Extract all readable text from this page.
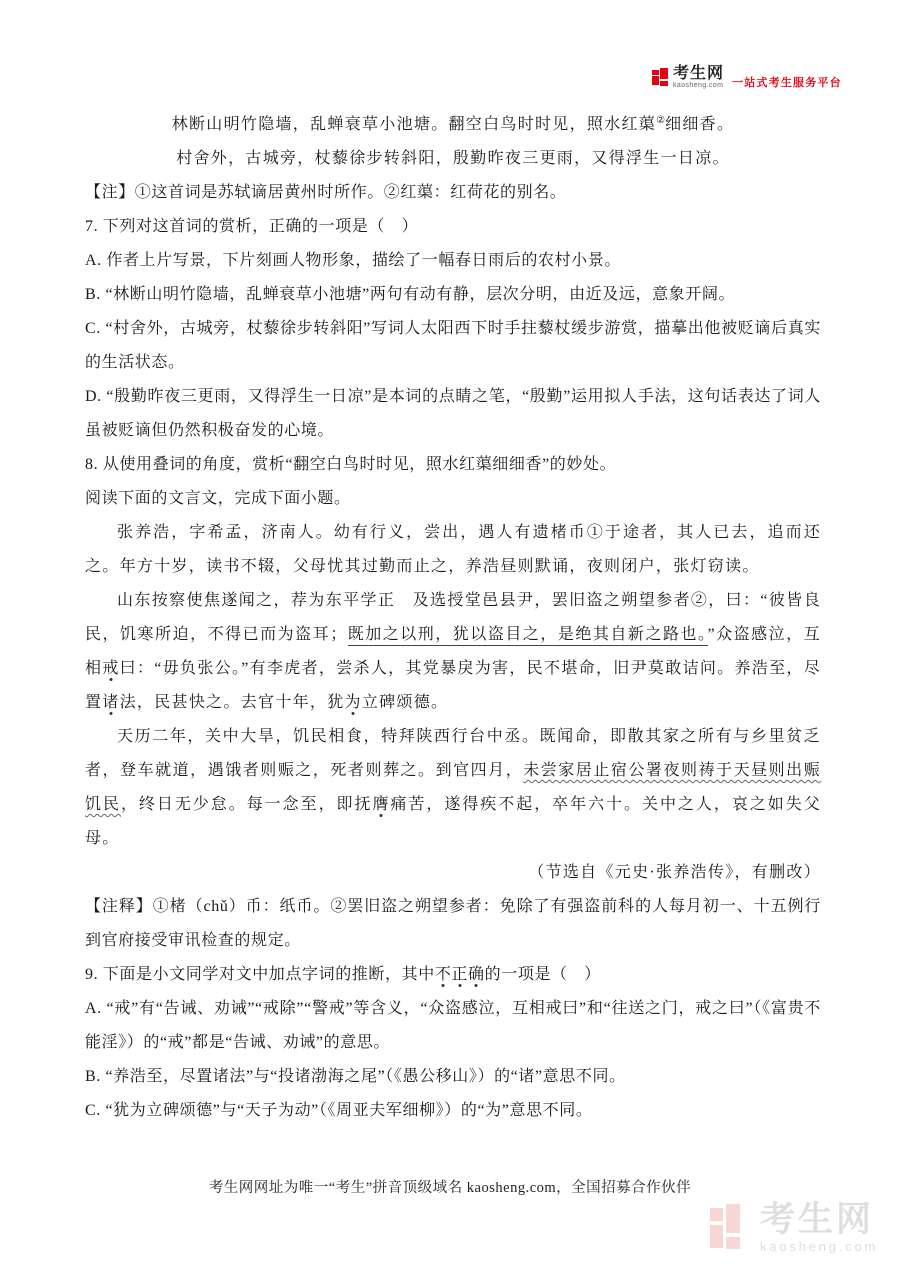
考生网
kaosheng.com 一站式考生服务平台

林断山明竹隐墙，乱蝉衰草小池塘。翻空白鸟时时见，照水红蕖②细细香。

村舍外，古城旁，杖藜徐步转斜阳，殷勤昨夜三更雨，又得浮生一日凉。

【注】①这首词是苏轼谪居黄州时所作。②红蕖：红荷花的别名。

7. 下列对这首词的赏析，正确的一项是（　）

A. 作者上片写景，下片刻画人物形象，描绘了一幅春日雨后的农村小景。

B. “林断山明竹隐墙，乱蝉衰草小池塘”两句有动有静，层次分明，由近及远，意象开阔。

C. “村舍外，古城旁，杖藜徐步转斜阳”写词人太阳西下时手拄藜杖缓步游赏，描摹出他被贬谪后真实的生活状态。

D. “殷勤昨夜三更雨，又得浮生一日凉”是本词的点睛之笔，“殷勤”运用拟人手法，这句话表达了词人虽被贬谪但仍然积极奋发的心境。

8. 从使用叠词的角度，赏析“翻空白鸟时时见，照水红蕖细细香”的妙处。

阅读下面的文言文，完成下面小题。

张养浩，字希孟，济南人。幼有行义，尝出，遇人有遗楮币①于途者，其人已去，追而还之。年方十岁，读书不辍，父母忧其过勤而止之，养浩昼则默诵，夜则闭户，张灯窃读。

山东按察使焦遂闻之，荐为东平学正　及选授堂邑县尹，罢旧盗之朔望参者②，曰：“彼皆良民，饥寒所迫，不得已而为盗耳；既加之以刑，犹以盗目之，是绝其自新之路也。”众盗感泣，互相戒曰：“毋负张公。”有李虎者，尝杀人，其党暴戾为害，民不堪命，旧尹莫敢诘问。养浩至，尽置诸法，民甚快之。去官十年，犹为立碑颂德。

天历二年，关中大旱，饥民相食，特拜陕西行台中丞。既闻命，即散其家之所有与乡里贫乏者，登车就道，遇饿者则赈之，死者则葬之。到官四月，未尝家居止宿公署夜则祷于天昼则出赈饥民，终日无少怠。每一念至，即抚膺痛苦，遂得疾不起，卒年六十。关中之人，哀之如失父母。

（节选自《元史·张养浩传》，有删改）

【注释】①楮（chǔ）币：纸币。②罢旧盗之朔望参者：免除了有强盗前科的人每月初一、十五例行到官府接受审讯检查的规定。

9. 下面是小文同学对文中加点字词的推断，其中不正确的一项是（　）

A. “戒”有“告诫、劝诫”“戒除”“警戒”等含义，“众盗感泣，互相戒曰”和“往送之门，戒之曰”（《富贵不能淫》）的“戒”都是“告诫、劝诫”的意思。

B. “养浩至，尽置诸法”与“投诸渤海之尾”（《愚公移山》）的“诸”意思不同。

C. “犹为立碑颂德”与“天子为动”（《周亚夫军细柳》）的“为”意思不同。

考生网网址为唯一“考生”拼音顶级域名 kaosheng.com，全国招募合作伙伴
考生网
kaosheng.com
